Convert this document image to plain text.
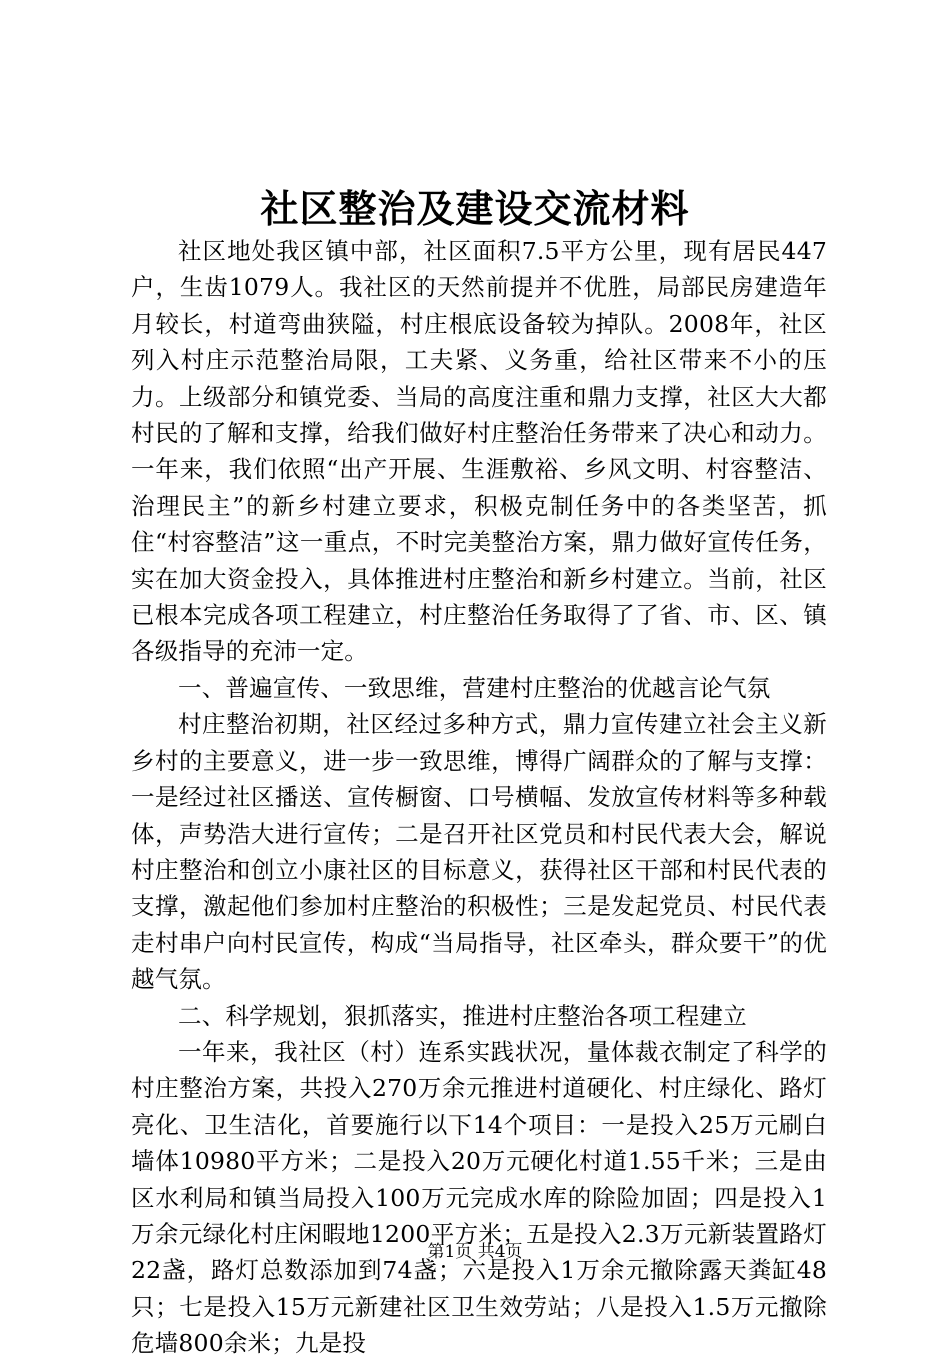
社区整治及建设交流材料

社区地处我区镇中部，社区面积7.5平方公里，现有居民447户，生齿1079人。我社区的天然前提并不优胜，局部民房建造年月较长，村道弯曲狭隘，村庄根底设备较为掉队。2008年，社区列入村庄示范整治局限，工夫紧、义务重，给社区带来不小的压力。上级部分和镇党委、当局的高度注重和鼎力支撑，社区大大都村民的了解和支撑，给我们做好村庄整治任务带来了决心和动力。一年来，我们依照“出产开展、生涯敷裕、乡风文明、村容整洁、治理民主”的新乡村建立要求，积极克制任务中的各类坚苦，抓住“村容整洁”这一重点，不时完美整治方案，鼎力做好宣传任务，实在加大资金投入，具体推进村庄整治和新乡村建立。当前，社区已根本完成各项工程建立，村庄整治任务取得了了省、市、区、镇各级指导的充沛一定。

一、普遍宣传、一致思维，营建村庄整治的优越言论气氛

村庄整治初期，社区经过多种方式，鼎力宣传建立社会主义新乡村的主要意义，进一步一致思维，博得广阔群众的了解与支撑：一是经过社区播送、宣传橱窗、口号横幅、发放宣传材料等多种载体，声势浩大进行宣传；二是召开社区党员和村民代表大会，解说村庄整治和创立小康社区的目标意义，获得社区干部和村民代表的支撑，激起他们参加村庄整治的积极性；三是发起党员、村民代表走村串户向村民宣传，构成“当局指导，社区牵头，群众要干”的优越气氛。

二、科学规划，狠抓落实，推进村庄整治各项工程建立

一年来，我社区（村）连系实践状况，量体裁衣制定了科学的村庄整治方案，共投入270万余元推进村道硬化、村庄绿化、路灯亮化、卫生洁化，首要施行以下14个项目：一是投入25万元刷白墙体10980平方米；二是投入20万元硬化村道1.55千米；三是由区水利局和镇当局投入100万元完成水库的除险加固；四是投入1万余元绿化村庄闲暇地1200平方米；五是投入2.3万元新装置路灯22盏，路灯总数添加到74盏；六是投入1万余元撤除露天粪缸48只；七是投入15万元新建社区卫生效劳站；八是投入1.5万元撤除危墙800余米；九是投

第1页 共4页
